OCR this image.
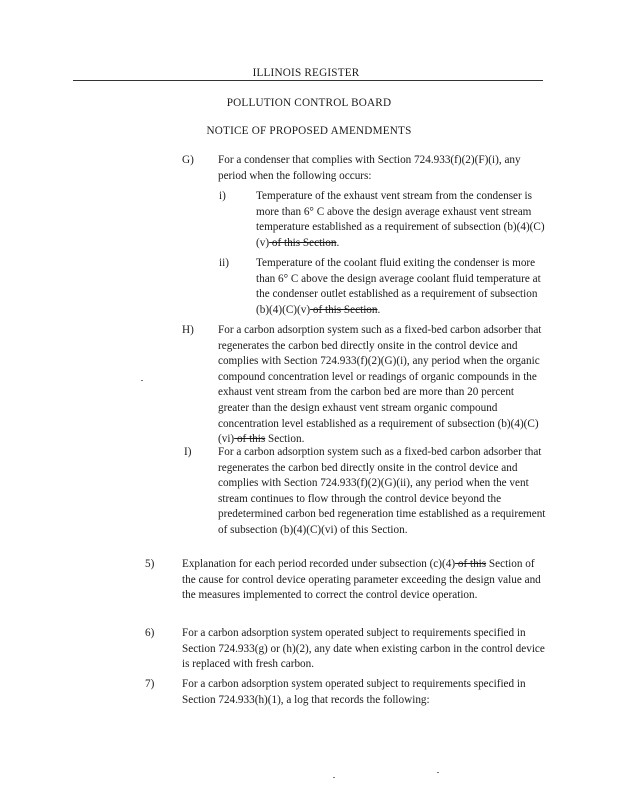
ILLINOIS REGISTER
POLLUTION CONTROL BOARD
NOTICE OF PROPOSED AMENDMENTS
G) For a condenser that complies with Section 724.933(f)(2)(F)(i), any period when the following occurs:
i)	Temperature of the exhaust vent stream from the condenser is more than 6° C above the design average exhaust vent stream temperature established as a requirement of subsection (b)(4)(C)(v) of this Section.
ii) Temperature of the coolant fluid exiting the condenser is more than 6° C above the design average coolant fluid temperature at the condenser outlet established as a requirement of subsection (b)(4)(C)(v) of this Section.
H) For a carbon adsorption system such as a fixed-bed carbon adsorber that regenerates the carbon bed directly onsite in the control device and complies with Section 724.933(f)(2)(G)(i), any period when the organic compound concentration level or readings of organic compounds in the exhaust vent stream from the carbon bed are more than 20 percent greater than the design exhaust vent stream organic compound concentration level established as a requirement of subsection (b)(4)(C)(vi) of this Section.
I) For a carbon adsorption system such as a fixed-bed carbon adsorber that regenerates the carbon bed directly onsite in the control device and complies with Section 724.933(f)(2)(G)(ii), any period when the vent stream continues to flow through the control device beyond the predetermined carbon bed regeneration time established as a requirement of subsection (b)(4)(C)(vi) of this Section.
5) Explanation for each period recorded under subsection (c)(4) of this Section of the cause for control device operating parameter exceeding the design value and the measures implemented to correct the control device operation.
6) For a carbon adsorption system operated subject to requirements specified in Section 724.933(g) or (h)(2), any date when existing carbon in the control device is replaced with fresh carbon.
7) For a carbon adsorption system operated subject to requirements specified in Section 724.933(h)(1), a log that records the following:
